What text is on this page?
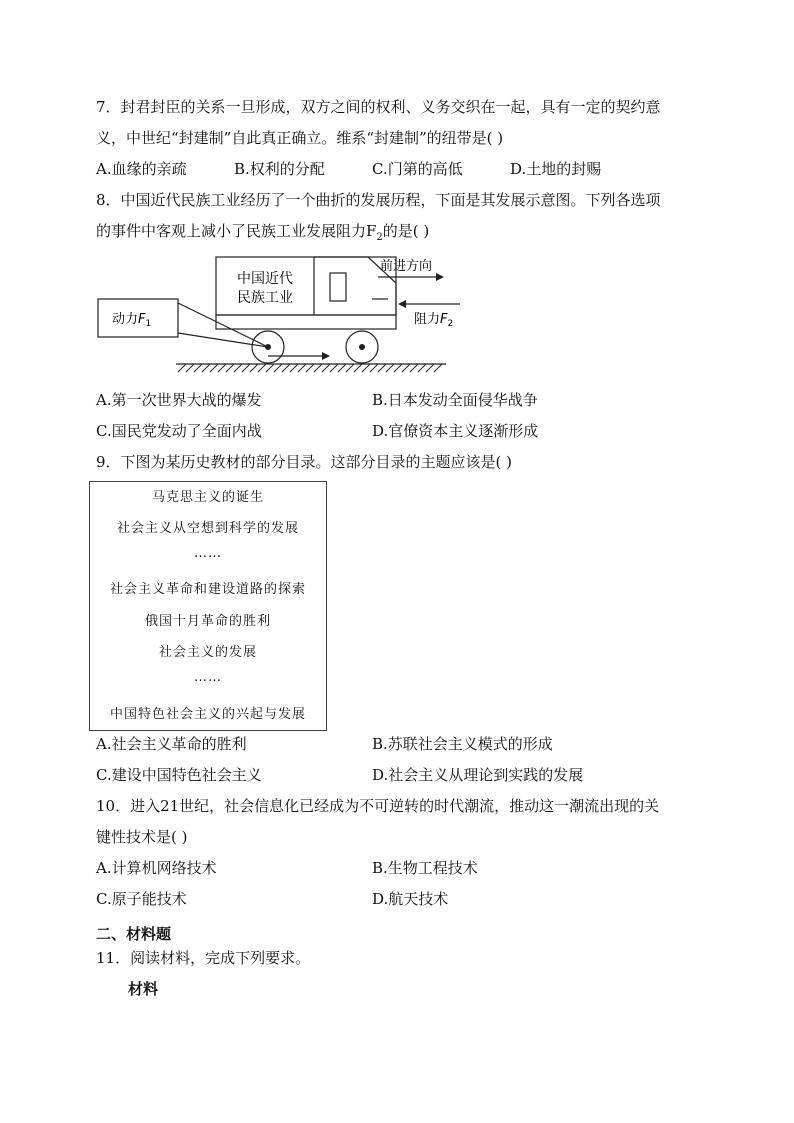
7．封君封臣的关系一旦形成，双方之间的权利、义务交织在一起，具有一定的契约意
义，中世纪“封建制”自此真正确立。维系“封建制”的纽带是( )
A.血缘的亲疏	B.权利的分配	C.门第的高低	D.土地的封赐
8．中国近代民族工业经历了一个曲折的发展历程，下面是其发展示意图。下列各选项
的事件中客观上减小了民族工业发展阻力$F_2$的是( )
中国近代
民族工业
前进方向
动力$F_1$	阻力$F_2$
A.第一次世界大战的爆发	B.日本发动全面侵华战争
C.国民党发动了全面内战	D.官僚资本主义逐渐形成
9．下图为某历史教材的部分目录。这部分目录的主题应该是( )
马克思主义的诞生
社会主义从空想到科学的发展
……
社会主义革命和建设道路的探索
俄国十月革命的胜利
社会主义的发展
……
中国特色社会主义的兴起与发展
A.社会主义革命的胜利	B.苏联社会主义模式的形成
C.建设中国特色社会主义	D.社会主义从理论到实践的发展
10．进入21世纪，社会信息化已经成为不可逆转的时代潮流，推动这一潮流出现的关
键性技术是( )
A.计算机网络技术	B.生物工程技术
C.原子能技术	D.航天技术
二、材料题
11．阅读材料，完成下列要求。
材料
